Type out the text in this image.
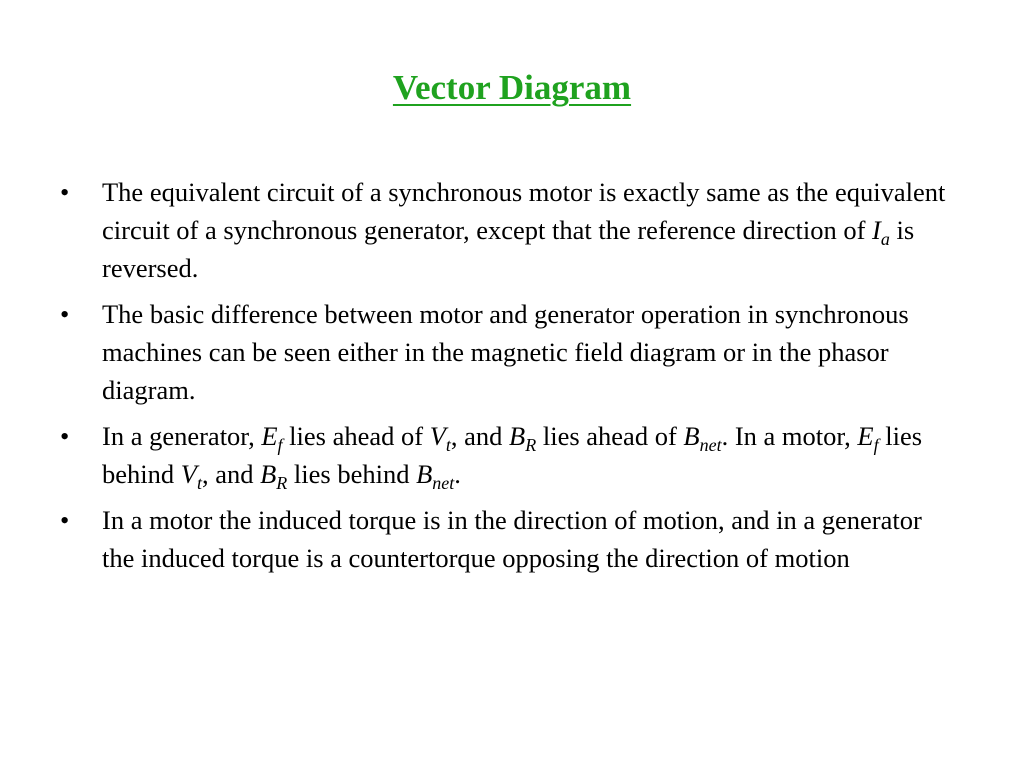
Vector Diagram
• The equivalent circuit of a synchronous motor is exactly same as the equivalent circuit of a synchronous generator, except that the reference direction of $I_a$ is reversed.
• The basic difference between motor and generator operation in synchronous machines can be seen either in the magnetic field diagram or in the phasor diagram.
• In a generator, $E_f$ lies ahead of $V_t$, and $B_R$ lies ahead of $B_{net}$. In a motor, $E_f$ lies behind $V_t$, and $B_R$ lies behind $B_{net}$.
• In a motor the induced torque is in the direction of motion, and in a generator the induced torque is a countertorque opposing the direction of motion
